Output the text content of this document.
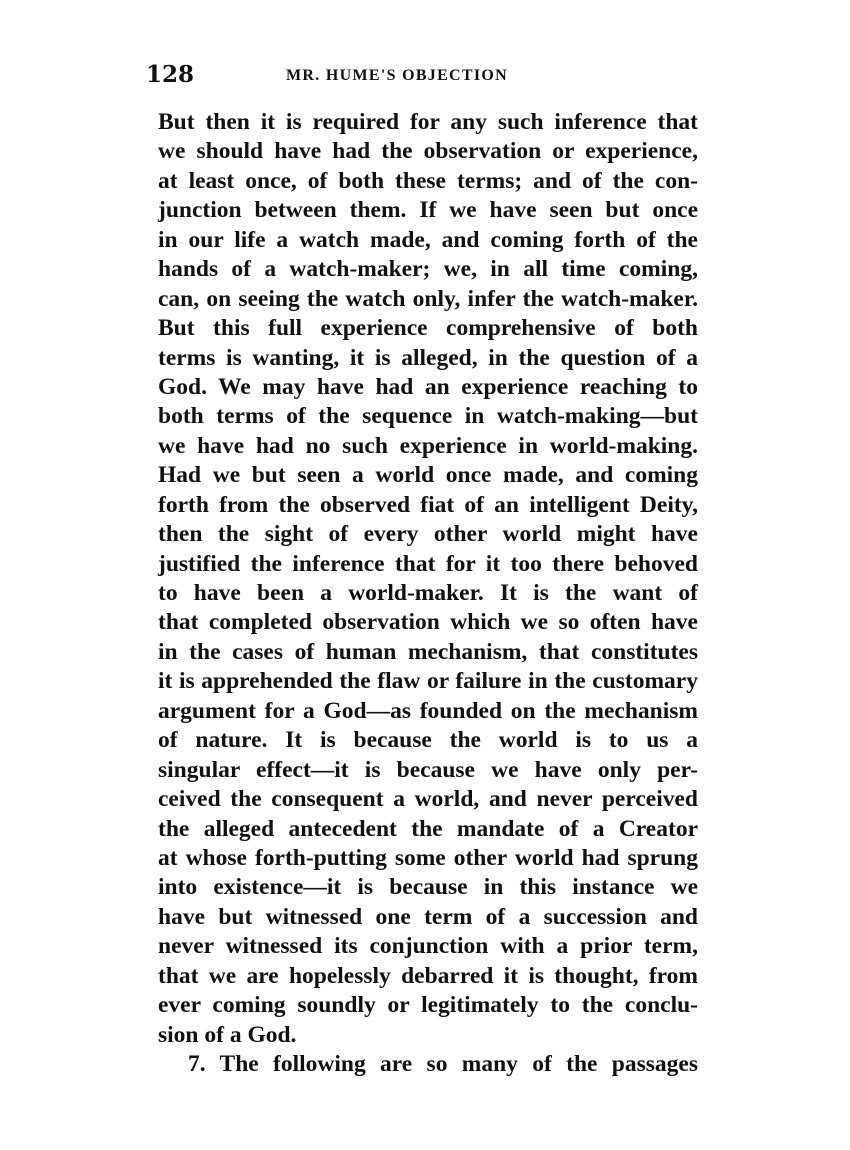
128	MR. HUME'S OBJECTION
But then it is required for any such inference that
we should have had the observation or experience,
at least once, of both these terms; and of the con-
junction between them. If we have seen but once
in our life a watch made, and coming forth of the
hands of a watch-maker; we, in all time coming,
can, on seeing the watch only, infer the watch-maker.
But this full experience comprehensive of both
terms is wanting, it is alleged, in the question of a
God. We may have had an experience reaching to
both terms of the sequence in watch-making—but
we have had no such experience in world-making.
Had we but seen a world once made, and coming
forth from the observed fiat of an intelligent Deity,
then the sight of every other world might have
justified the inference that for it too there behoved
to have been a world-maker. It is the want of
that completed observation which we so often have
in the cases of human mechanism, that constitutes
it is apprehended the flaw or failure in the customary
argument for a God—as founded on the mechanism
of nature. It is because the world is to us a
singular effect—it is because we have only per-
ceived the consequent a world, and never perceived
the alleged antecedent the mandate of a Creator
at whose forth-putting some other world had sprung
into existence—it is because in this instance we
have but witnessed one term of a succession and
never witnessed its conjunction with a prior term,
that we are hopelessly debarred it is thought, from
ever coming soundly or legitimately to the conclu-
sion of a God.
7. The following are so many of the passages
